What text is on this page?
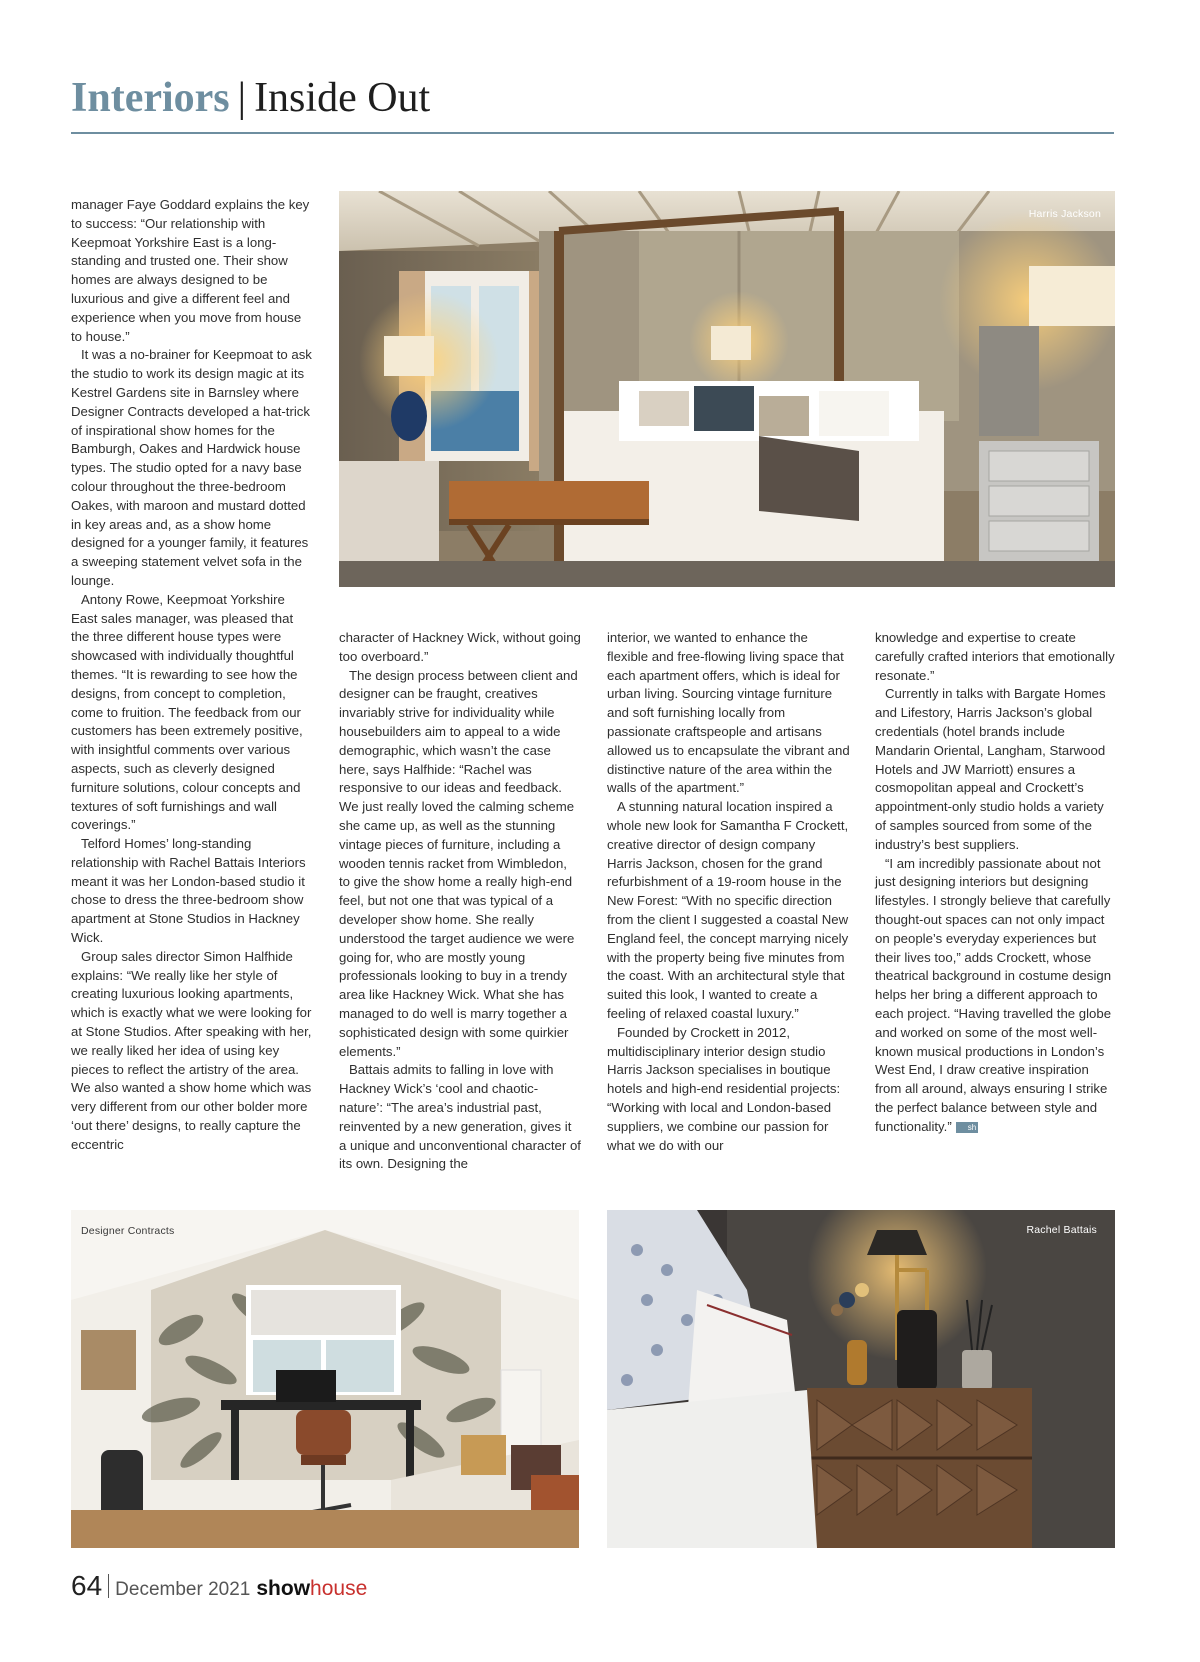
Interiors | Inside Out
Harris Jackson

manager Faye Goddard explains the key to success: “Our relationship with Keepmoat Yorkshire East is a long-standing and trusted one. Their show homes are always designed to be luxurious and give a different feel and experience when you move from house to house.”

It was a no-brainer for Keepmoat to ask the studio to work its design magic at its Kestrel Gardens site in Barnsley where Designer Contracts developed a hat-trick of inspirational show homes for the Bamburgh, Oakes and Hardwick house types. The studio opted for a navy base colour throughout the three-bedroom Oakes, with maroon and mustard dotted in key areas and, as a show home designed for a younger family, it features a sweeping statement velvet sofa in the lounge.

Antony Rowe, Keepmoat Yorkshire East sales manager, was pleased that the three different house types were showcased with individually thoughtful themes. “It is rewarding to see how the designs, from concept to completion, come to fruition. The feedback from our customers has been extremely positive, with insightful comments over various aspects, such as cleverly designed furniture solutions, colour concepts and textures of soft furnishings and wall coverings.”

Telford Homes’ long-standing relationship with Rachel Battais Interiors meant it was her London-based studio it chose to dress the three-bedroom show apartment at Stone Studios in Hackney Wick.

Group sales director Simon Halfhide explains: “We really like her style of creating luxurious looking apartments, which is exactly what we were looking for at Stone Studios. After speaking with her, we really liked her idea of using key pieces to reflect the artistry of the area. We also wanted a show home which was very different from our other bolder more ‘out there’ designs, to really capture the eccentric

character of Hackney Wick, without going too overboard.”

The design process between client and designer can be fraught, creatives invariably strive for individuality while housebuilders aim to appeal to a wide demographic, which wasn’t the case here, says Halfhide: “Rachel was responsive to our ideas and feedback. We just really loved the calming scheme she came up, as well as the stunning vintage pieces of furniture, including a wooden tennis racket from Wimbledon, to give the show home a really high-end feel, but not one that was typical of a developer show home. She really understood the target audience we were going for, who are mostly young professionals looking to buy in a trendy area like Hackney Wick. What she has managed to do well is marry together a sophisticated design with some quirkier elements.”

Battais admits to falling in love with Hackney Wick’s ‘cool and chaotic-nature’: “The area’s industrial past, reinvented by a new generation, gives it a unique and unconventional character of its own. Designing the

interior, we wanted to enhance the flexible and free-flowing living space that each apartment offers, which is ideal for urban living. Sourcing vintage furniture and soft furnishing locally from passionate craftspeople and artisans allowed us to encapsulate the vibrant and distinctive nature of the area within the walls of the apartment.”

A stunning natural location inspired a whole new look for Samantha F Crockett, creative director of design company Harris Jackson, chosen for the grand refurbishment of a 19-room house in the New Forest: “With no specific direction from the client I suggested a coastal New England feel, the concept marrying nicely with the property being five minutes from the coast. With an architectural style that suited this look, I wanted to create a feeling of relaxed coastal luxury.”

Founded by Crockett in 2012, multidisciplinary interior design studio Harris Jackson specialises in boutique hotels and high-end residential projects: “Working with local and London-based suppliers, we combine our passion for what we do with our

knowledge and expertise to create carefully crafted interiors that emotionally resonate.”

Currently in talks with Bargate Homes and Lifestory, Harris Jackson’s global credentials (hotel brands include Mandarin Oriental, Langham, Starwood Hotels and JW Marriott) ensures a cosmopolitan appeal and Crockett’s appointment-only studio holds a variety of samples sourced from some of the industry’s best suppliers.

“I am incredibly passionate about not just designing interiors but designing lifestyles. I strongly believe that carefully thought-out spaces can not only impact on people’s everyday experiences but their lives too,” adds Crockett, whose theatrical background in costume design helps her bring a different approach to each project. “Having travelled the globe and worked on some of the most well-known musical productions in London’s West End, I draw creative inspiration from all around, always ensuring I strike the perfect balance between style and functionality.” sh

Designer Contracts	Rachel Battais
64 December 2021 showhouse
